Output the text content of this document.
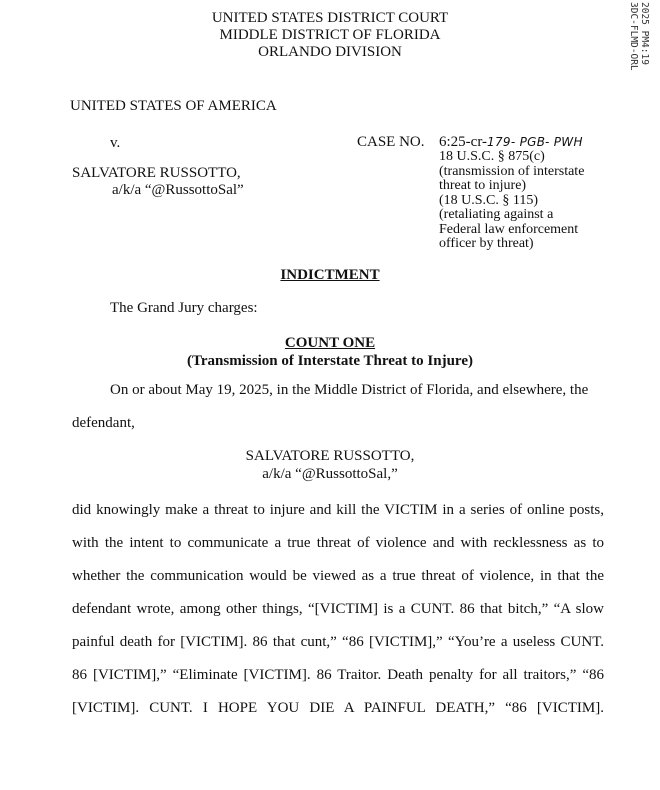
UNITED STATES DISTRICT COURT
MIDDLE DISTRICT OF FLORIDA
ORLANDO DIVISION	2025 PM4:19
3DC-FLMD-ORL
UNITED STATES OF AMERICA
v.
SALVATORE RUSSOTTO,
a/k/a “@RussottoSal”
CASE NO. 6:25-cr-179- PGB- PWH
18 U.S.C. § 875(c)
(transmission of interstate
threat to injure)
(18 U.S.C. § 115)
(retaliating against a
Federal law enforcement
officer by threat)
INDICTMENT
The Grand Jury charges:
COUNT ONE
(Transmission of Interstate Threat to Injure)
On or about May 19, 2025, in the Middle District of Florida, and elsewhere, the
defendant,
SALVATORE RUSSOTTO,
a/k/a “@RussottoSal,”
did knowingly make a threat to injure and kill the VICTIM in a series of online posts,
with the intent to communicate a true threat of violence and with recklessness as to
whether the communication would be viewed as a true threat of violence, in that the
defendant wrote, among other things, “[VICTIM] is a CUNT. 86 that bitch,” “A slow
painful death for [VICTIM]. 86 that cunt,” “86 [VICTIM],” “You’re a useless CUNT.
86 [VICTIM],” “Eliminate [VICTIM]. 86 Traitor. Death penalty for all traitors,” “86
[VICTIM]. CUNT. I HOPE YOU DIE A PAINFUL DEATH,” “86 [VICTIM].
